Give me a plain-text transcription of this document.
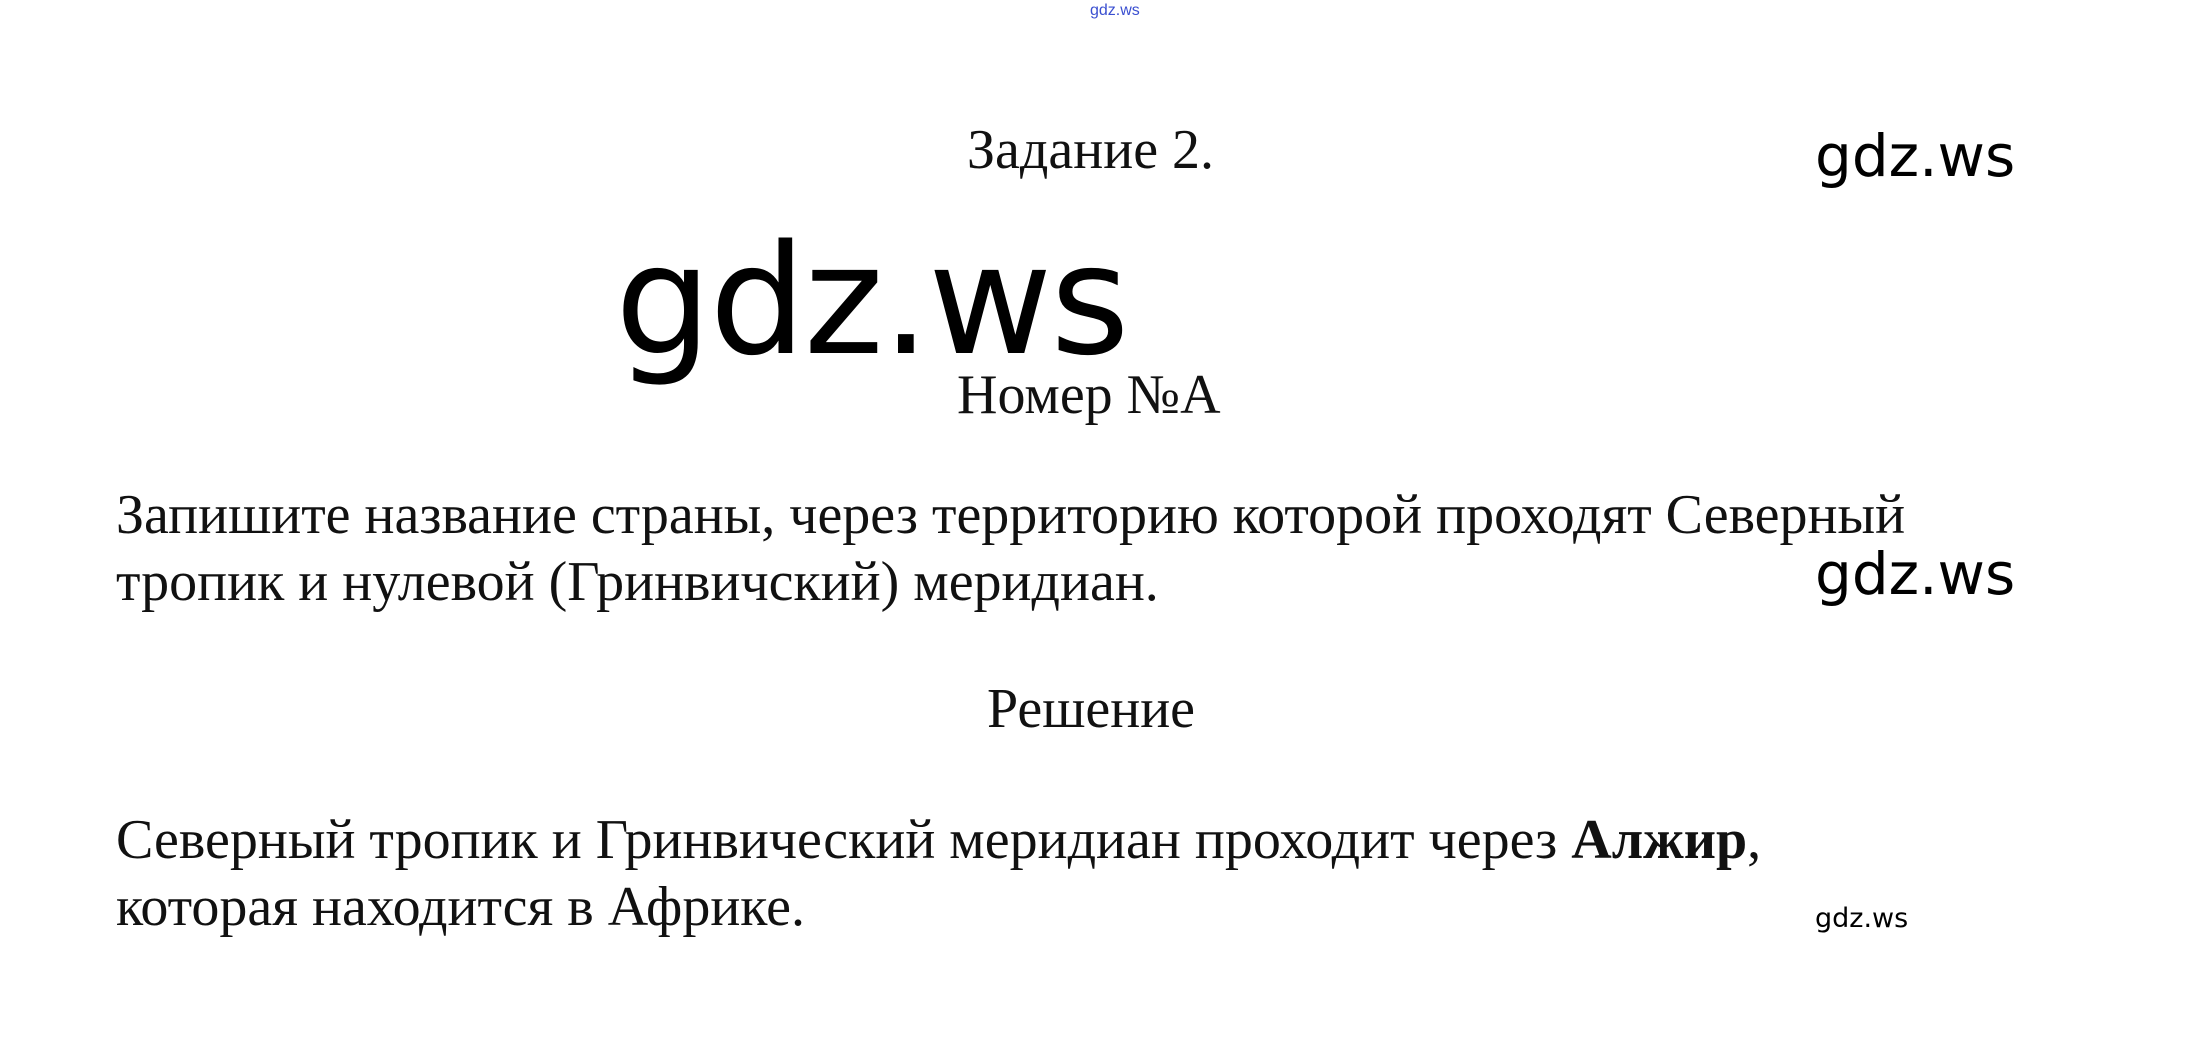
gdz.ws
Задание 2.	gdz.ws
gdz.ws
Номер №А
Запишите название страны, через территорию которой проходят Северный
тропик и нулевой (Гринвичский) меридиан.	gdz.ws
Решение
Северный тропик и Гринвический меридиан проходит через Алжир,
которая находится в Африке.	gdz.ws
